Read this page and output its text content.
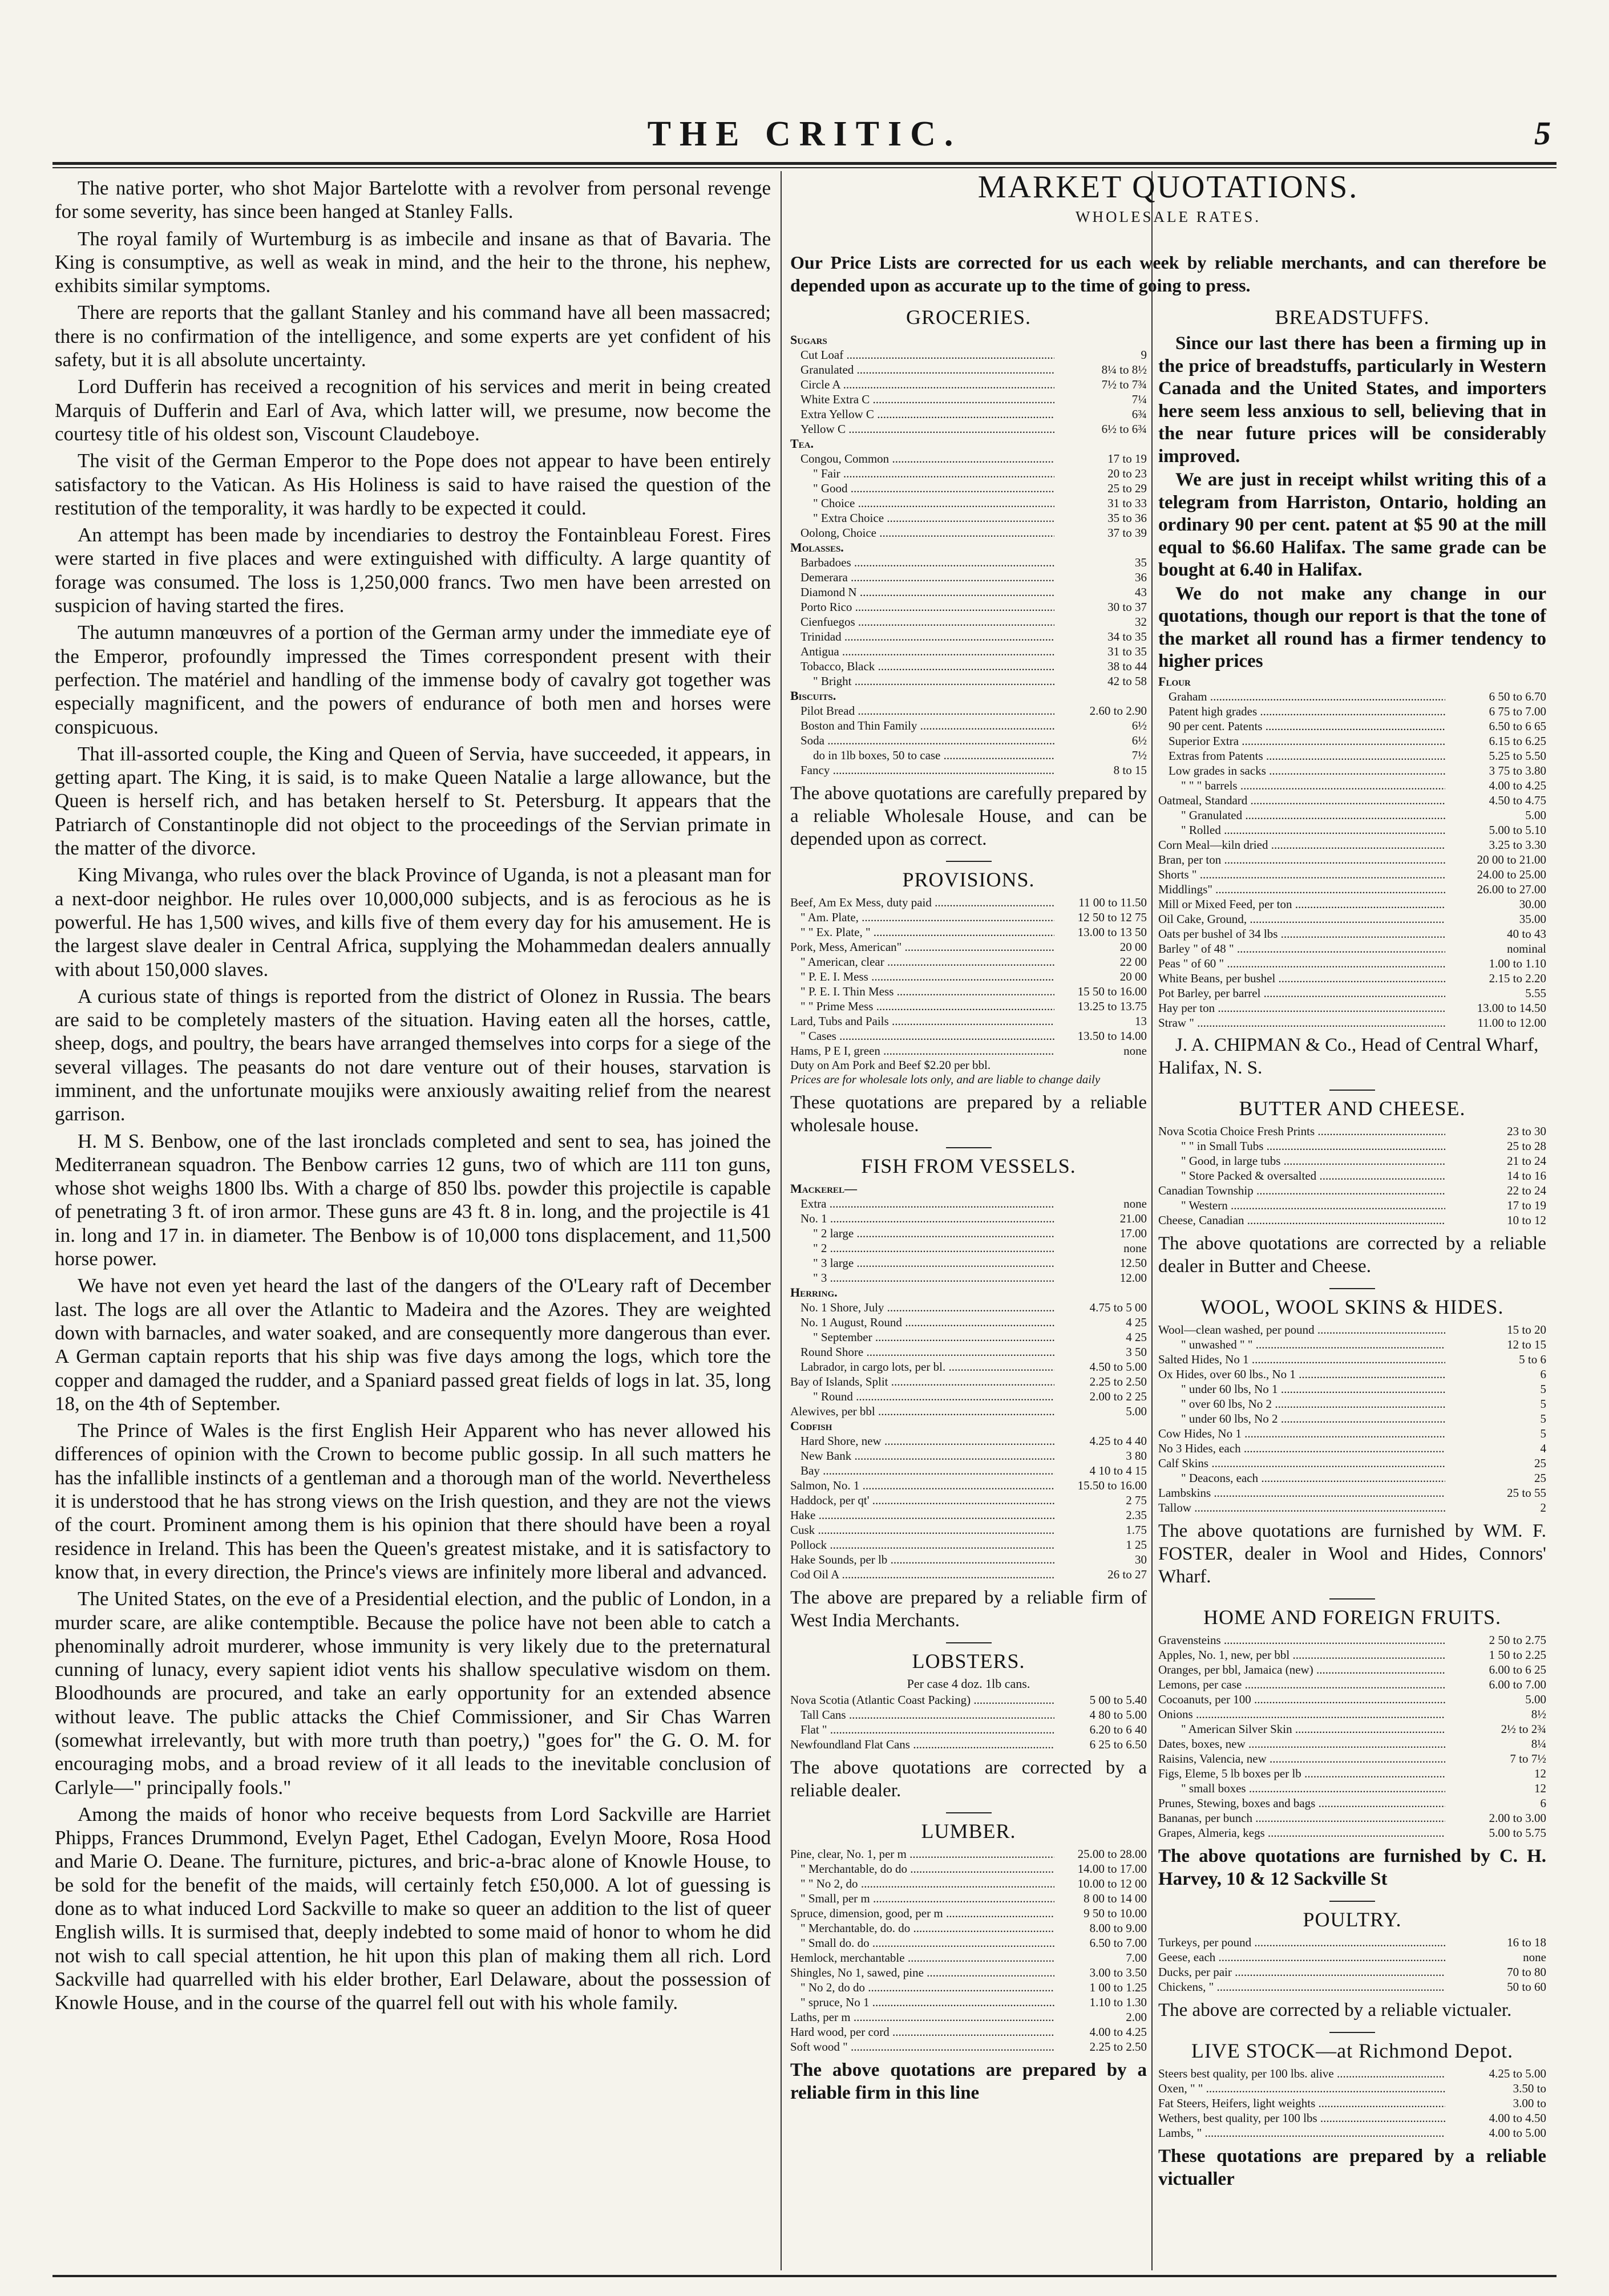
THE CRITIC.	5

The native porter, who shot Major Bartelotte with a revolver from personal revenge for some severity, has since been hanged at Stanley Falls.

The royal family of Wurtemburg is as imbecile and insane as that of Bavaria. The King is consumptive, as well as weak in mind, and the heir to the throne, his nephew, exhibits similar symptoms.

There are reports that the gallant Stanley and his command have all been massacred; there is no confirmation of the intelligence, and some experts are yet confident of his safety, but it is all absolute uncertainty.

Lord Dufferin has received a recognition of his services and merit in being created Marquis of Dufferin and Earl of Ava, which latter will, we presume, now become the courtesy title of his oldest son, Viscount Claudeboye.

The visit of the German Emperor to the Pope does not appear to have been entirely satisfactory to the Vatican. As His Holiness is said to have raised the question of the restitution of the temporality, it was hardly to be expected it could.

An attempt has been made by incendiaries to destroy the Fontainbleau Forest. Fires were started in five places and were extinguished with difficulty. A large quantity of forage was consumed. The loss is 1,250,000 francs. Two men have been arrested on suspicion of having started the fires.

The autumn manœuvres of a portion of the German army under the immediate eye of the Emperor, profoundly impressed the Times correspondent present with their perfection. The matériel and handling of the immense body of cavalry got together was especially magnificent, and the powers of endurance of both men and horses were conspicuous.

That ill-assorted couple, the King and Queen of Servia, have succeeded, it appears, in getting apart. The King, it is said, is to make Queen Natalie a large allowance, but the Queen is herself rich, and has betaken herself to St. Petersburg. It appears that the Patriarch of Constantinople did not object to the proceedings of the Servian primate in the matter of the divorce.

King Mivanga, who rules over the black Province of Uganda, is not a pleasant man for a next-door neighbor. He rules over 10,000,000 subjects, and is as ferocious as he is powerful. He has 1,500 wives, and kills five of them every day for his amusement. He is the largest slave dealer in Central Africa, supplying the Mohammedan dealers annually with about 150,000 slaves.

A curious state of things is reported from the district of Olonez in Russia. The bears are said to be completely masters of the situation. Having eaten all the horses, cattle, sheep, dogs, and poultry, the bears have arranged themselves into corps for a siege of the several villages. The peasants do not dare venture out of their houses, starvation is imminent, and the unfortunate moujiks were anxiously awaiting relief from the nearest garrison.

H. M S. Benbow, one of the last ironclads completed and sent to sea, has joined the Mediterranean squadron. The Benbow carries 12 guns, two of which are 111 ton guns, whose shot weighs 1800 lbs. With a charge of 850 lbs. powder this projectile is capable of penetrating 3 ft. of iron armor. These guns are 43 ft. 8 in. long, and the projectile is 41 in. long and 17 in. in diameter. The Benbow is of 10,000 tons displacement, and 11,500 horse power.

We have not even yet heard the last of the dangers of the O'Leary raft of December last. The logs are all over the Atlantic to Madeira and the Azores. They are weighted down with barnacles, and water soaked, and are consequently more dangerous than ever. A German captain reports that his ship was five days among the logs, which tore the copper and damaged the rudder, and a Spaniard passed great fields of logs in lat. 35, long 18, on the 4th of September.

The Prince of Wales is the first English Heir Apparent who has never allowed his differences of opinion with the Crown to become public gossip. In all such matters he has the infallible instincts of a gentleman and a thorough man of the world. Nevertheless it is understood that he has strong views on the Irish question, and they are not the views of the court. Prominent among them is his opinion that there should have been a royal residence in Ireland. This has been the Queen's greatest mistake, and it is satisfactory to know that, in every direction, the Prince's views are infinitely more liberal and advanced.

The United States, on the eve of a Presidential election, and the public of London, in a murder scare, are alike contemptible. Because the police have not been able to catch a phenominally adroit murderer, whose immunity is very likely due to the preternatural cunning of lunacy, every sapient idiot vents his shallow speculative wisdom on them. Bloodhounds are procured, and take an early opportunity for an extended absence without leave. The public attacks the Chief Commissioner, and Sir Chas Warren (somewhat irrelevantly, but with more truth than poetry,) "goes for" the G. O. M. for encouraging mobs, and a broad review of it all leads to the inevitable conclusion of Carlyle—" principally fools."

Among the maids of honor who receive bequests from Lord Sackville are Harriet Phipps, Frances Drummond, Evelyn Paget, Ethel Cadogan, Evelyn Moore, Rosa Hood and Marie O. Deane. The furniture, pictures, and bric-a-brac alone of Knowle House, to be sold for the benefit of the maids, will certainly fetch £50,000. A lot of guessing is done as to what induced Lord Sackville to make so queer an addition to the list of queer English wills. It is surmised that, deeply indebted to some maid of honor to whom he did not wish to call special attention, he hit upon this plan of making them all rich. Lord Sackville had quarrelled with his elder brother, Earl Delaware, about the possession of Knowle House, and in the course of the quarrel fell out with his whole family.

MARKET QUOTATIONS.
WHOLESALE RATES.
Our Price Lists are corrected for us each week by reliable merchants, and can therefore be depended upon as accurate up to the time of going to press.
GROCERIES.
Sugars	
Cut Loaf .....	9
Granulated .....	8¼ to 8½
Circle A .....	7½ to 7¾
White Extra C .....	7¼
Extra Yellow C .....	6¾
Yellow C .....	6½ to 6¾
Tea.	
Congou, Common .....	17 to 19
" Fair .....	20 to 23
" Good .....	25 to 29
" Choice .....	31 to 33
" Extra Choice .....	35 to 36
Oolong, Choice .....	37 to 39
Molasses.	
Barbadoes .....	35
Demerara .....	36
Diamond N .....	43
Porto Rico .....	30 to 37
Cienfuegos .....	32
Trinidad .....	34 to 35
Antigua .....	31 to 35
Tobacco, Black .....	38 to 44
" Bright .....	42 to 58
Biscuits.	
Pilot Bread .....	2.60 to 2.90
Boston and Thin Family .....	6½
Soda .....	6½
do in 1lb boxes, 50 to case .....	7½
Fancy .....	8 to 15
The above quotations are carefully prepared by a reliable Wholesale House, and can be depended upon as correct.
PROVISIONS.
Beef, Am Ex Mess, duty paid .....	11 00 to 11.50
" Am. Plate, .....	12 50 to 12 75
" " Ex. Plate, " .....	13.00 to 13 50
Pork, Mess, American" .....	20 00
" American, clear .....	22 00
" P. E. I. Mess .....	20 00
" P. E. I. Thin Mess .....	15 50 to 16.00
" " Prime Mess .....	13.25 to 13.75
Lard, Tubs and Pails .....	13
" Cases .....	13.50 to 14.00
Hams, P E I, green .....	none
Duty on Am Pork and Beef $2.20 per bbl.
Prices are for wholesale lots only, and are liable to change daily
These quotations are prepared by a reliable wholesale house.
FISH FROM VESSELS.
Mackerel—	
Extra .....	none
No. 1 .....	21.00
" 2 large .....	17.00
" 2 .....	none
" 3 large .....	12.50
" 3 .....	12.00
Herring.	
No. 1 Shore, July .....	4.75 to 5 00
No. 1 August, Round .....	4 25
" September .....	4 25
Round Shore .....	3 50
Labrador, in cargo lots, per bl. .....	4.50 to 5.00
Bay of Islands, Split .....	2.25 to 2.50
" Round .....	2.00 to 2 25
Alewives, per bbl .....	5.00
Codfish	
Hard Shore, new .....	4.25 to 4 40
New Bank .....	3 80
Bay .....	4 10 to 4 15
Salmon, No. 1 .....	15.50 to 16.00
Haddock, per qt' .....	2 75
Hake .....	2.35
Cusk .....	1.75
Pollock .....	1 25
Hake Sounds, per lb .....	30
Cod Oil A .....	26 to 27
The above are prepared by a reliable firm of West India Merchants.
LOBSTERS.
Per case 4 doz. 1lb cans.
Nova Scotia (Atlantic Coast Packing) .....	5 00 to 5.40
Tall Cans .....	4 80 to 5.00
Flat " .....	6.20 to 6 40
Newfoundland Flat Cans .....	6 25 to 6.50
The above quotations are corrected by a reliable dealer.
LUMBER.
Pine, clear, No. 1, per m .....	25.00 to 28.00
" Merchantable, do do .....	14.00 to 17.00
" " No 2, do .....	10.00 to 12 00
" Small, per m .....	8 00 to 14 00
Spruce, dimension, good, per m .....	9 50 to 10.00
" Merchantable, do. do .....	8.00 to 9.00
" Small do. do .....	6.50 to 7.00
Hemlock, merchantable .....	7.00
Shingles, No 1, sawed, pine .....	3.00 to 3.50
" No 2, do do .....	1 00 to 1.25
" spruce, No 1 .....	1.10 to 1.30
Laths, per m .....	2.00
Hard wood, per cord .....	4.00 to 4.25
Soft wood " .....	2.25 to 2.50
The above quotations are prepared by a reliable firm in this line
BREADSTUFFS.

Since our last there has been a firming up in the price of breadstuffs, particularly in Western Canada and the United States, and importers here seem less anxious to sell, believing that in the near future prices will be considerably improved.

We are just in receipt whilst writing this of a telegram from Harriston, Ontario, holding an ordinary 90 per cent. patent at $5 90 at the mill equal to $6.60 Halifax. The same grade can be bought at 6.40 in Halifax.

We do not make any change in our quotations, though our report is that the tone of the market all round has a firmer tendency to higher prices

Flour	
Graham .....	6 50 to 6.70
Patent high grades .....	6 75 to 7.00
90 per cent. Patents .....	6.50 to 6 65
Superior Extra .....	6.15 to 6.25
Extras from Patents .....	5.25 to 5.50
Low grades in sacks .....	3 75 to 3.80
" " " barrels .....	4.00 to 4.25
Oatmeal, Standard .....	4.50 to 4.75
" Granulated .....	5.00
" Rolled .....	5.00 to 5.10
Corn Meal—kiln dried .....	3.25 to 3.30
Bran, per ton .....	20 00 to 21.00
Shorts " .....	24.00 to 25.00
Middlings" .....	26.00 to 27.00
Mill or Mixed Feed, per ton .....	30.00
Oil Cake, Ground, .....	35.00
Oats per bushel of 34 lbs .....	40 to 43
Barley " of 48 " .....	nominal
Peas " of 60 " .....	1.00 to 1.10
White Beans, per bushel .....	2.15 to 2.20
Pot Barley, per barrel .....	5.55
Hay per ton .....	13.00 to 14.50
Straw " .....	11.00 to 12.00
J. A. CHIPMAN & Co., Head of Central Wharf, Halifax, N. S.
BUTTER AND CHEESE.
Nova Scotia Choice Fresh Prints .....	23 to 30
" " in Small Tubs .....	25 to 28
" Good, in large tubs .....	21 to 24
" Store Packed & oversalted .....	14 to 16
Canadian Township .....	22 to 24
" Western .....	17 to 19
Cheese, Canadian .....	10 to 12
The above quotations are corrected by a reliable dealer in Butter and Cheese.
WOOL, WOOL SKINS & HIDES.
Wool—clean washed, per pound .....	15 to 20
" unwashed " " .....	12 to 15
Salted Hides, No 1 .....	5 to 6
Ox Hides, over 60 lbs., No 1 .....	6
" under 60 lbs, No 1 .....	5
" over 60 lbs, No 2 .....	5
" under 60 lbs, No 2 .....	5
Cow Hides, No 1 .....	5
No 3 Hides, each .....	4
Calf Skins .....	25
" Deacons, each .....	25
Lambskins .....	25 to 55
Tallow .....	2
The above quotations are furnished by WM. F. FOSTER, dealer in Wool and Hides, Connors' Wharf.
HOME AND FOREIGN FRUITS.
Gravensteins .....	2 50 to 2.75
Apples, No. 1, new, per bbl .....	1 50 to 2.25
Oranges, per bbl, Jamaica (new) .....	6.00 to 6 25
Lemons, per case .....	6.00 to 7.00
Cocoanuts, per 100 .....	5.00
Onions .....	8½
" American Silver Skin .....	2½ to 2¾
Dates, boxes, new .....	8¼
Raisins, Valencia, new .....	7 to 7½
Figs, Eleme, 5 lb boxes per lb .....	12
" small boxes .....	12
Prunes, Stewing, boxes and bags .....	6
Bananas, per bunch .....	2.00 to 3.00
Grapes, Almeria, kegs .....	5.00 to 5.75
The above quotations are furnished by C. H. Harvey, 10 & 12 Sackville St
POULTRY.
Turkeys, per pound .....	16 to 18
Geese, each .....	none
Ducks, per pair .....	70 to 80
Chickens, " .....	50 to 60
The above are corrected by a reliable victualer.
LIVE STOCK—at Richmond Depot.
Steers best quality, per 100 lbs. alive .....	4.25 to 5.00
Oxen, " " .....	3.50 to
Fat Steers, Heifers, light weights .....	3.00 to
Wethers, best quality, per 100 lbs .....	4.00 to 4.50
Lambs, " .....	4.00 to 5.00
These quotations are prepared by a reliable victualler
